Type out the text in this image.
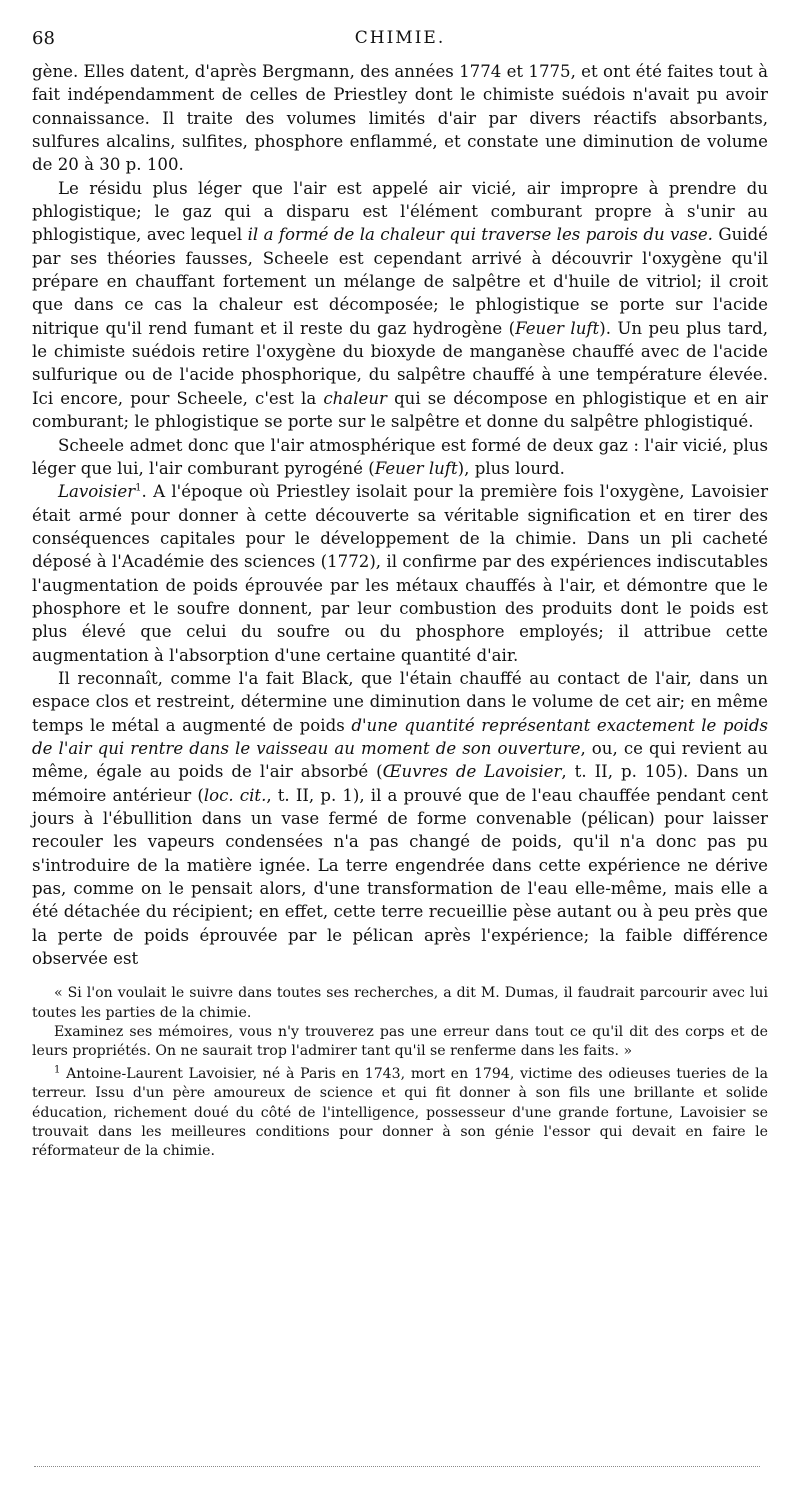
68	CHIMIE.

gène. Elles datent, d'après Bergmann, des années 1774 et 1775, et ont été faites tout à fait indépendamment de celles de Priestley dont le chimiste suédois n'avait pu avoir connaissance. Il traite des volumes limités d'air par divers réactifs absorbants, sulfures alcalins, sulfites, phosphore enflammé, et constate une diminution de volume de 20 à 30 p. 100.

Le résidu plus léger que l'air est appelé air vicié, air impropre à prendre du phlogistique; le gaz qui a disparu est l'élément comburant propre à s'unir au phlogistique, avec lequel il a formé de la chaleur qui traverse les parois du vase. Guidé par ses théories fausses, Scheele est cependant arrivé à découvrir l'oxygène qu'il prépare en chauffant fortement un mélange de salpêtre et d'huile de vitriol; il croit que dans ce cas la chaleur est décomposée; le phlogistique se porte sur l'acide nitrique qu'il rend fumant et il reste du gaz hydrogène (Feuer luft). Un peu plus tard, le chimiste suédois retire l'oxygène du bioxyde de manganèse chauffé avec de l'acide sulfurique ou de l'acide phosphorique, du salpêtre chauffé à une température élevée. Ici encore, pour Scheele, c'est la chaleur qui se décompose en phlogistique et en air comburant; le phlogistique se porte sur le salpêtre et donne du salpêtre phlogistiqué.

Scheele admet donc que l'air atmosphérique est formé de deux gaz : l'air vicié, plus léger que lui, l'air comburant pyrogéné (Feuer luft), plus lourd.

Lavoisier$^1$. A l'époque où Priestley isolait pour la première fois l'oxygène, Lavoisier était armé pour donner à cette découverte sa véritable signification et en tirer des conséquences capitales pour le développement de la chimie. Dans un pli cacheté déposé à l'Académie des sciences (1772), il confirme par des expériences indiscutables l'augmentation de poids éprouvée par les métaux chauffés à l'air, et démontre que le phosphore et le soufre donnent, par leur combustion des produits dont le poids est plus élevé que celui du soufre ou du phosphore employés; il attribue cette augmentation à l'absorption d'une certaine quantité d'air.

Il reconnaît, comme l'a fait Black, que l'étain chauffé au contact de l'air, dans un espace clos et restreint, détermine une diminution dans le volume de cet air; en même temps le métal a augmenté de poids d'une quantité représentant exactement le poids de l'air qui rentre dans le vaisseau au moment de son ouverture, ou, ce qui revient au même, égale au poids de l'air absorbé (Œuvres de Lavoisier, t. II, p. 105). Dans un mémoire antérieur (loc. cit., t. II, p. 1), il a prouvé que de l'eau chauffée pendant cent jours à l'ébullition dans un vase fermé de forme convenable (pélican) pour laisser recouler les vapeurs condensées n'a pas changé de poids, qu'il n'a donc pas pu s'introduire de la matière ignée. La terre engendrée dans cette expérience ne dérive pas, comme on le pensait alors, d'une transformation de l'eau elle-même, mais elle a été détachée du récipient; en effet, cette terre recueillie pèse autant ou à peu près que la perte de poids éprouvée par le pélican après l'expérience; la faible différence observée est

« Si l'on voulait le suivre dans toutes ses recherches, a dit M. Dumas, il faudrait parcourir avec lui toutes les parties de la chimie.

Examinez ses mémoires, vous n'y trouverez pas une erreur dans tout ce qu'il dit des corps et de leurs propriétés. On ne saurait trop l'admirer tant qu'il se renferme dans les faits. »

$^1$ Antoine-Laurent Lavoisier, né à Paris en 1743, mort en 1794, victime des odieuses tueries de la terreur. Issu d'un père amoureux de science et qui fit donner à son fils une brillante et solide éducation, richement doué du côté de l'intelligence, possesseur d'une grande fortune, Lavoisier se trouvait dans les meilleures conditions pour donner à son génie l'essor qui devait en faire le réformateur de la chimie.
